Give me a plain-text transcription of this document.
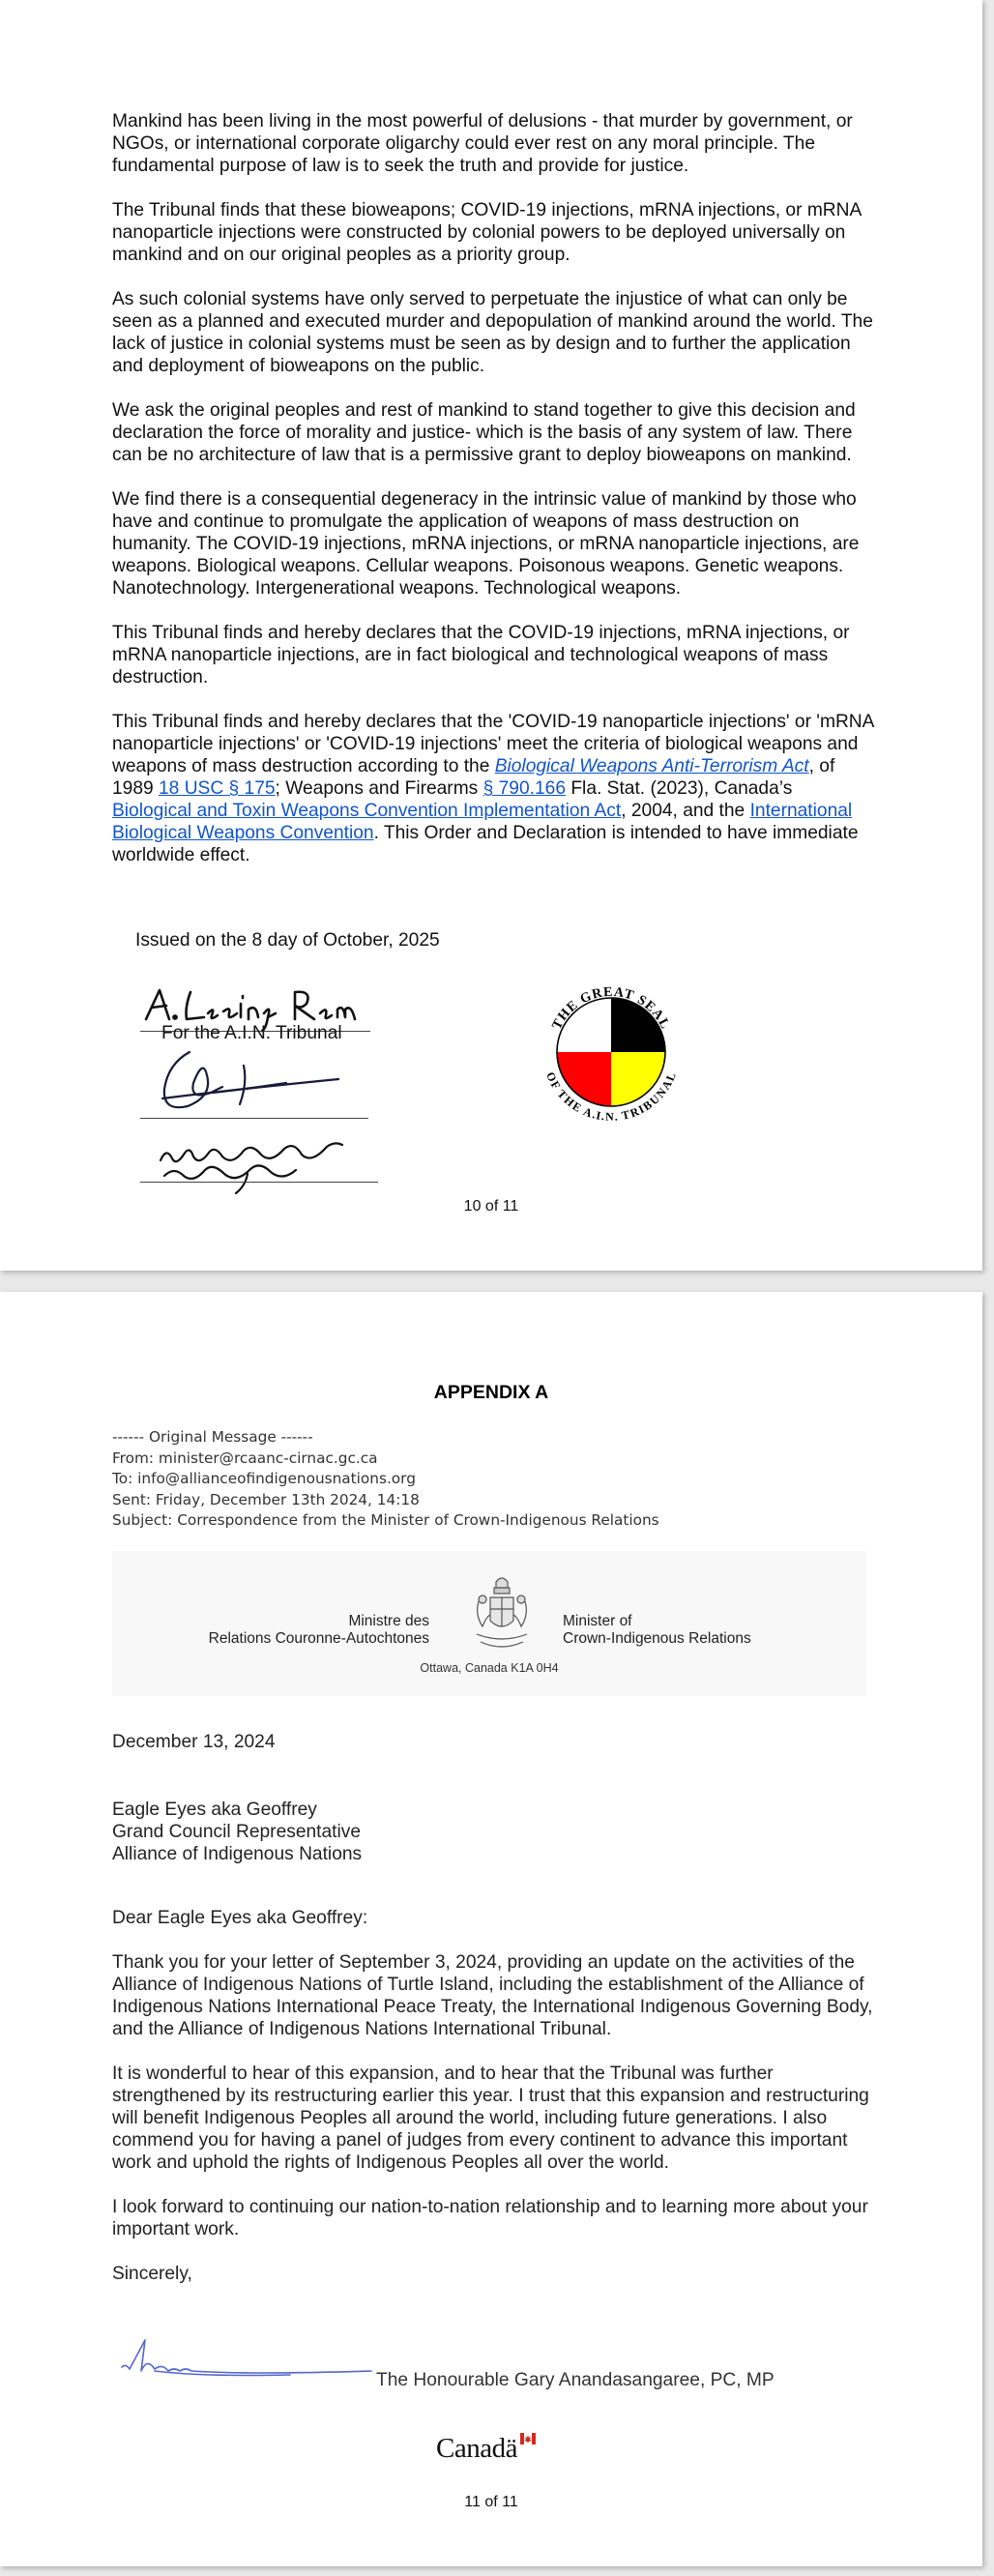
Mankind has been living in the most powerful of delusions - that murder by government, or NGOs, or international corporate oligarchy could ever rest on any moral principle. The fundamental purpose of law is to seek the truth and provide for justice.

The Tribunal finds that these bioweapons; COVID-19 injections, mRNA injections, or mRNA nanoparticle injections were constructed by colonial powers to be deployed universally on mankind and on our original peoples as a priority group.

As such colonial systems have only served to perpetuate the injustice of what can only be seen as a planned and executed murder and depopulation of mankind around the world. The lack of justice in colonial systems must be seen as by design and to further the application and deployment of bioweapons on the public.

We ask the original peoples and rest of mankind to stand together to give this decision and declaration the force of morality and justice- which is the basis of any system of law. There can be no architecture of law that is a permissive grant to deploy bioweapons on mankind.

We find there is a consequential degeneracy in the intrinsic value of mankind by those who have and continue to promulgate the application of weapons of mass destruction on humanity. The COVID-19 injections, mRNA injections, or mRNA nanoparticle injections, are weapons. Biological weapons. Cellular weapons. Poisonous weapons. Genetic weapons. Nanotechnology. Intergenerational weapons. Technological weapons.

This Tribunal finds and hereby declares that the COVID-19 injections, mRNA injections, or mRNA nanoparticle injections, are in fact biological and technological weapons of mass destruction.

This Tribunal finds and hereby declares that the 'COVID-19 nanoparticle injections' or 'mRNA nanoparticle injections' or 'COVID-19 injections' meet the criteria of biological weapons and weapons of mass destruction according to the Biological Weapons Anti-Terrorism Act, of 1989 18 USC § 175; Weapons and Firearms § 790.166 Fla. Stat. (2023), Canada’s Biological and Toxin Weapons Convention Implementation Act, 2004, and the International Biological Weapons Convention. This Order and Declaration is intended to have immediate worldwide effect.

Issued on the 8 day of October, 2025
For the A.I.N. Tribunal	THE GREAT SEAL
OF THE A.I.N. TRIBUNAL
10 of 11
APPENDIX A
------ Original Message ------
From: minister@rcaanc-cirnac.gc.ca
To: info@allianceofindigenousnations.org
Sent: Friday, December 13th 2024, 14:18
Subject: Correspondence from the Minister of Crown-Indigenous Relations
Ministre des
Relations Couronne-Autochtones
Minister of
Crown-Indigenous Relations
Ottawa, Canada K1A 0H4
December 13, 2024
Eagle Eyes aka Geoffrey
Grand Council Representative
Alliance of Indigenous Nations
Dear Eagle Eyes aka Geoffrey:

Thank you for your letter of September 3, 2024, providing an update on the activities of the Alliance of Indigenous Nations of Turtle Island, including the establishment of the Alliance of Indigenous Nations International Peace Treaty, the International Indigenous Governing Body, and the Alliance of Indigenous Nations International Tribunal.

It is wonderful to hear of this expansion, and to hear that the Tribunal was further strengthened by its restructuring earlier this year. I trust that this expansion and restructuring will benefit Indigenous Peoples all around the world, including future generations. I also commend you for having a panel of judges from every continent to advance this important work and uphold the rights of Indigenous Peoples all over the world.

I look forward to continuing our nation-to-nation relationship and to learning more about your important work.

Sincerely,

The Honourable Gary Anandasangaree, PC, MP
Canadä
11 of 11
